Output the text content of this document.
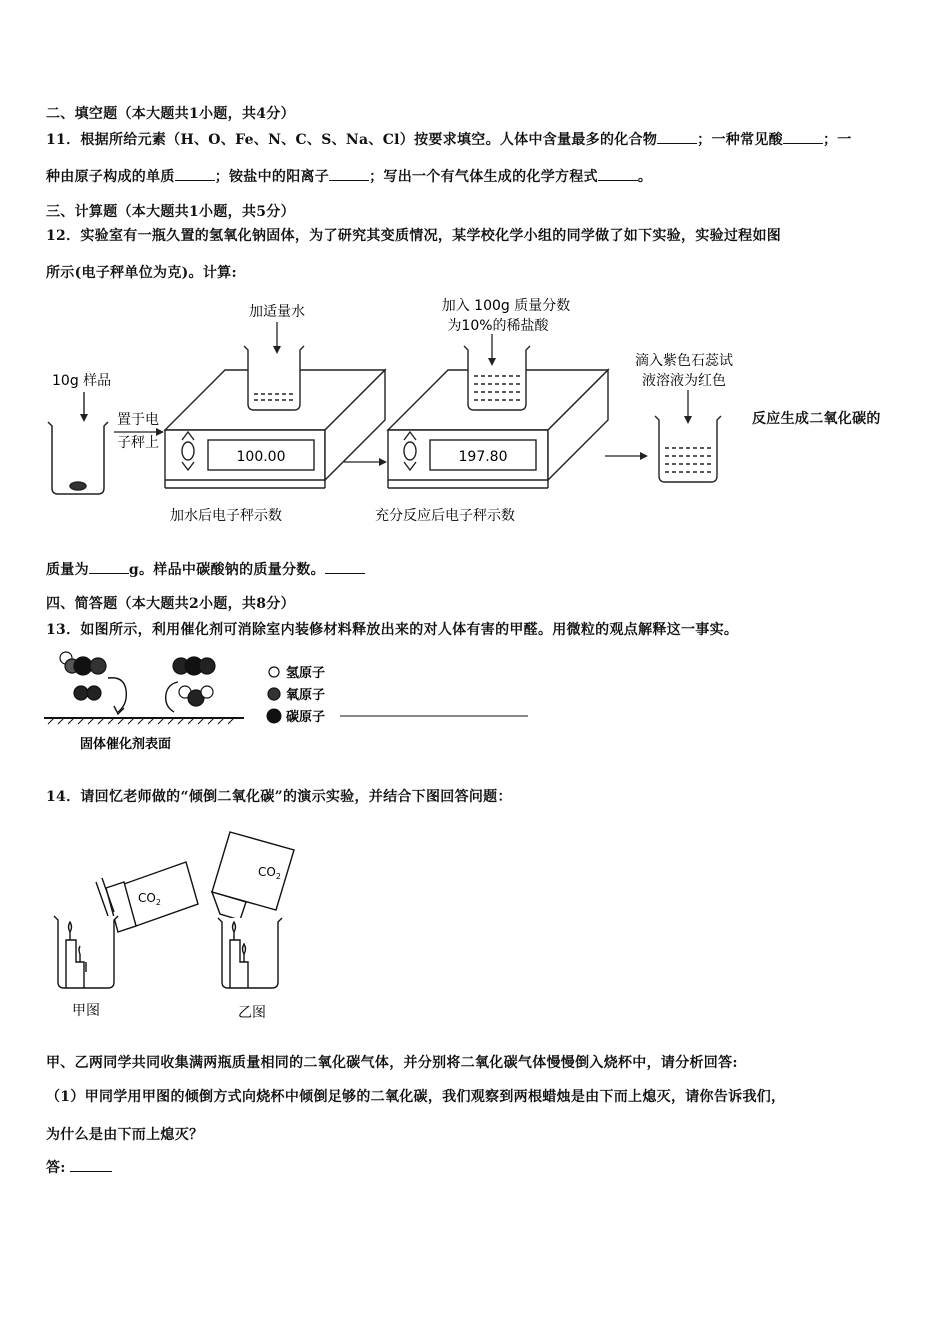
二、填空题（本大题共1小题，共4分）
11．根据所给元素（H、O、Fe、N、C、S、Na、Cl）按要求填空。人体中含量最多的化合物	；一种常见酸	；一
种由原子构成的单质	；铵盐中的阳离子	；写出一个有气体生成的化学方程式	。
三、计算题（本大题共1小题，共5分）
12．实验室有一瓶久置的氢氧化钠固体，为了研究其变质情况，某学校化学小组的同学做了如下实验，实验过程如图
所示(电子秤单位为克)。计算:
10g 样品
置于电
子秤上
100.00
加适量水
加水后电子秤示数
197.80
加入 100g 质量分数
为10%的稀盐酸
充分反应后电子秤示数
滴入紫色石蕊试
液溶液为红色
反应生成二氧化碳的
质量为	g。样品中碳酸钠的质量分数。
四、简答题（本大题共2小题，共8分）
13．如图所示，利用催化剂可消除室内装修材料释放出来的对人体有害的甲醛。用微粒的观点解释这一事实。
固体催化剂表面
氢原子
氧原子
碳原子
14．请回忆老师做的“倾倒二氧化碳”的演示实验，并结合下图回答问题：
$CO_2$
甲图
$CO_2$
乙图
甲、乙两同学共同收集满两瓶质量相同的二氧化碳气体，并分别将二氧化碳气体慢慢倒入烧杯中，请分析回答:
（1）甲同学用甲图的倾倒方式向烧杯中倾倒足够的二氧化碳，我们观察到两根蜡烛是由下而上熄灭，请你告诉我们，
为什么是由下而上熄灭？
答:
